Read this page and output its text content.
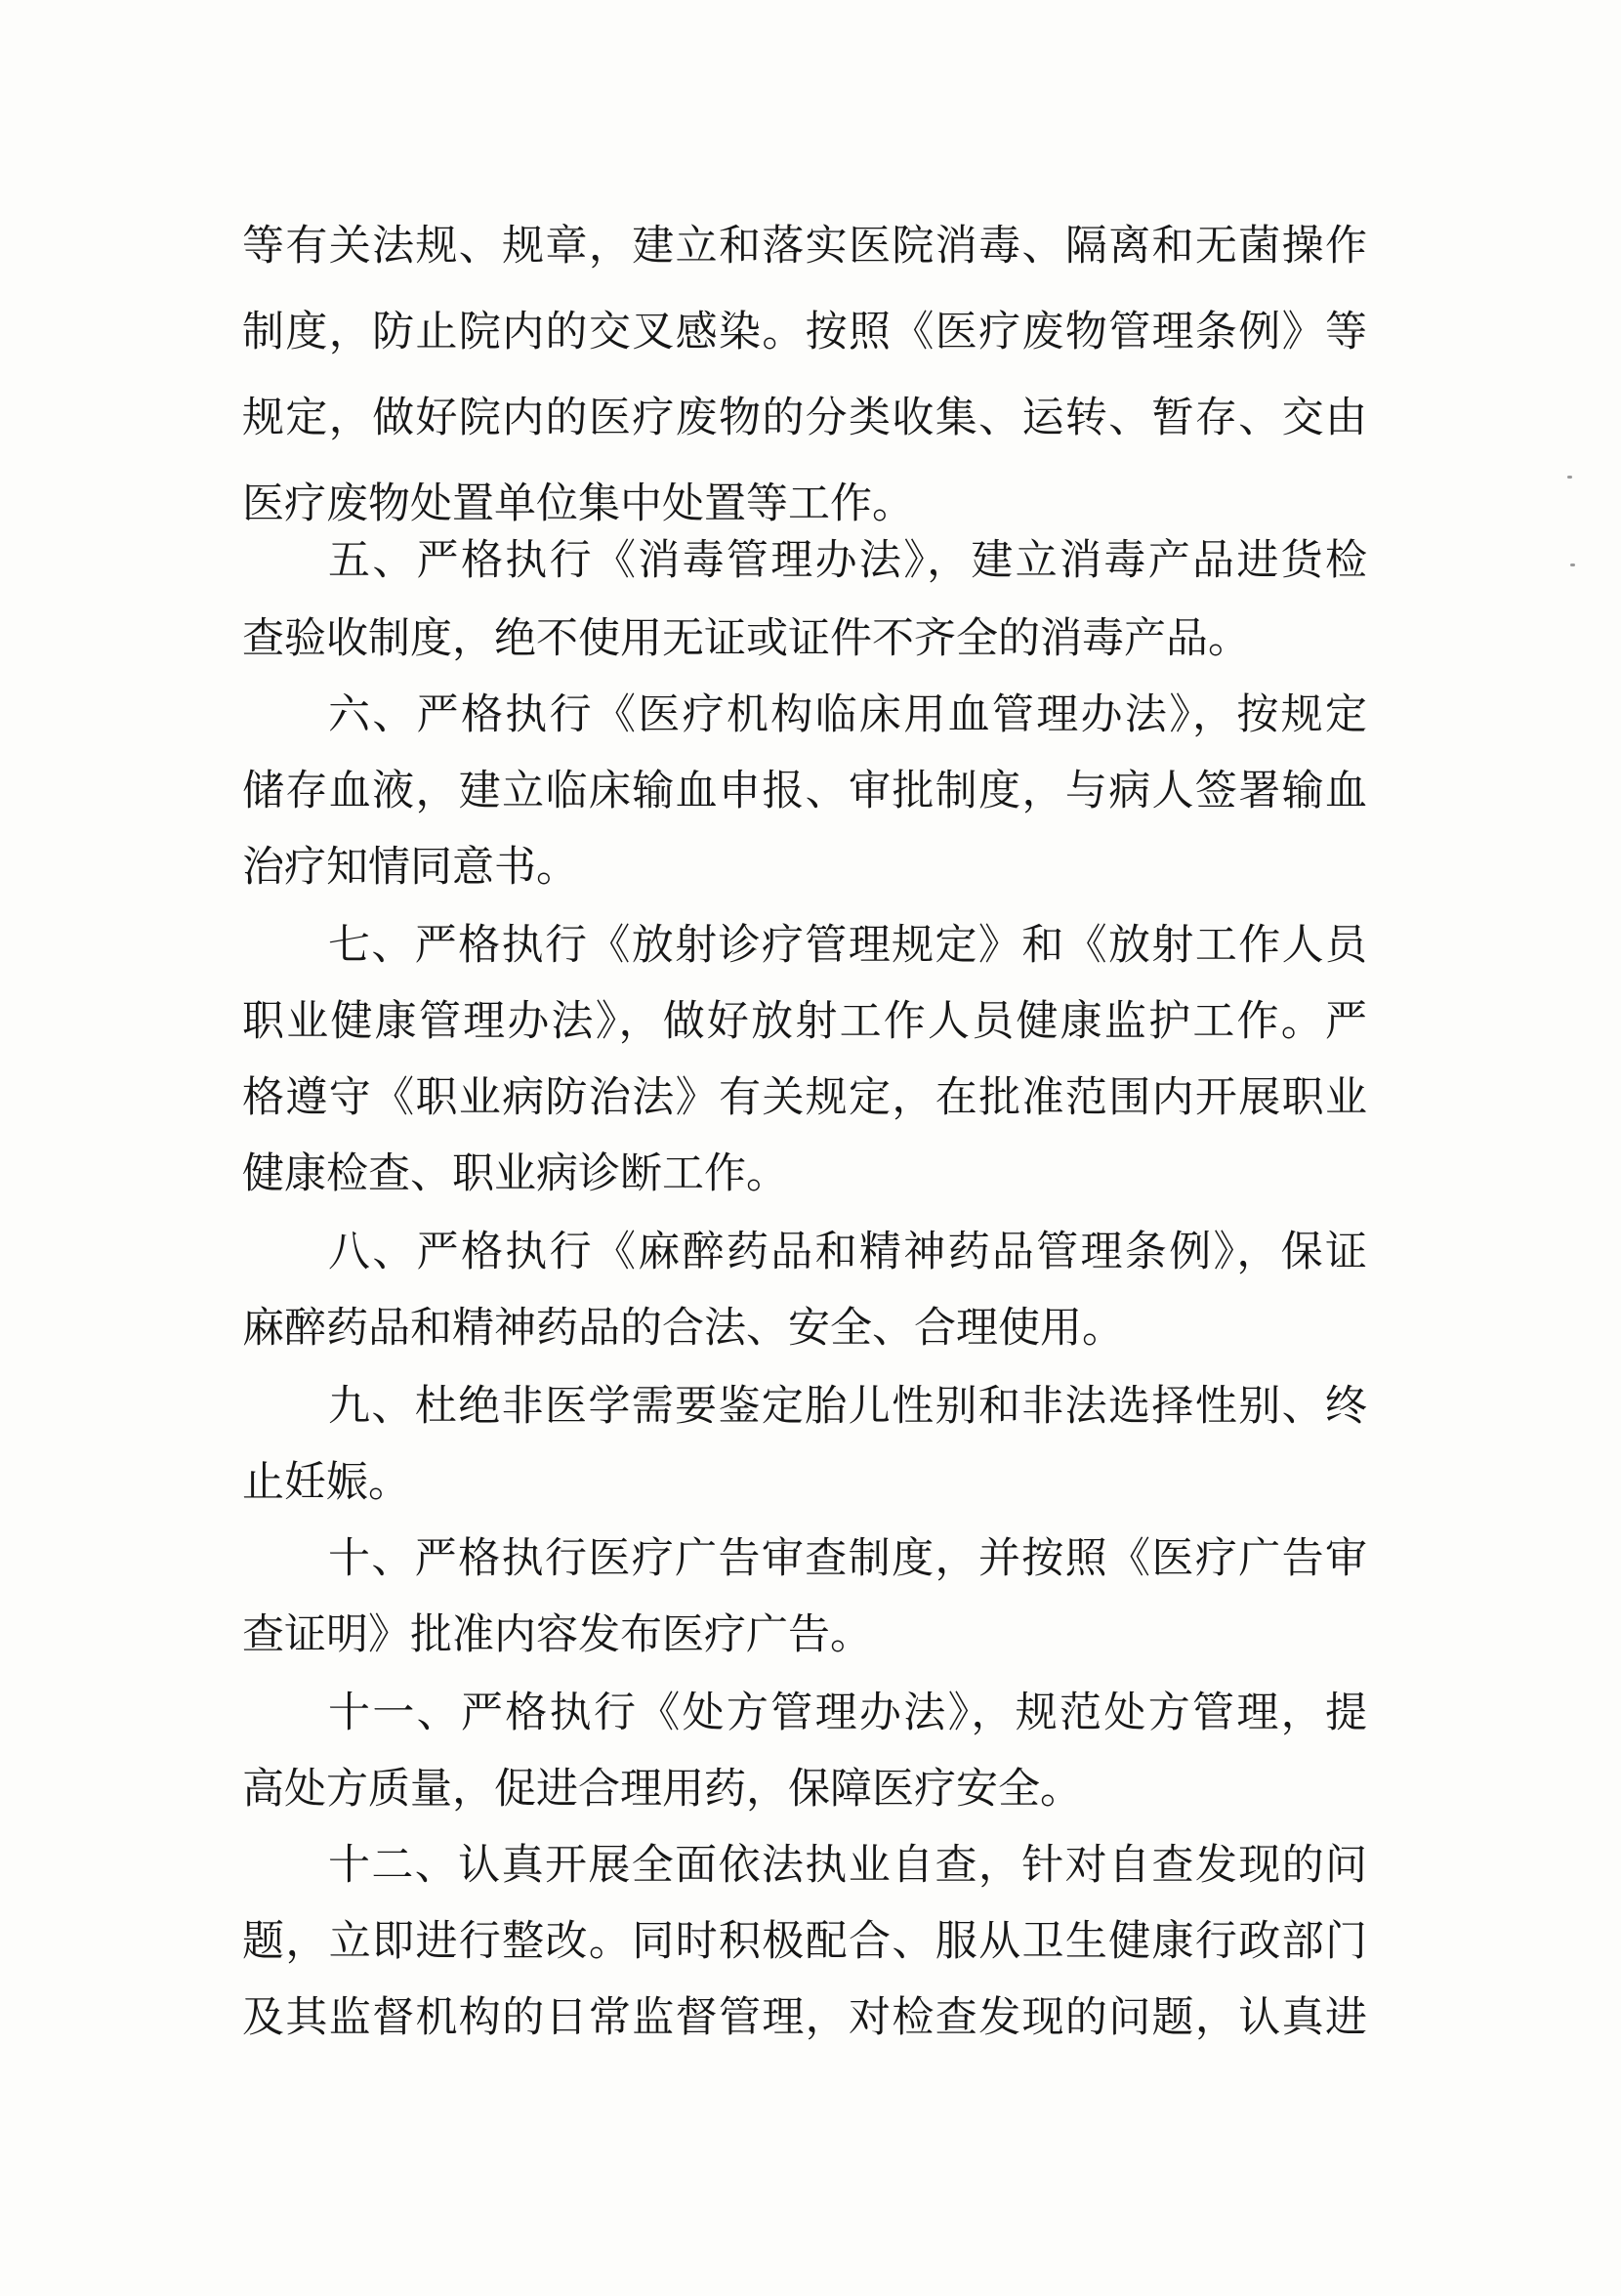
等有关法规、规章，建立和落实医院消毒、隔离和无菌操作
制度，防止院内的交叉感染。按照《医疗废物管理条例》等
规定，做好院内的医疗废物的分类收集、运转、暂存、交由
医疗废物处置单位集中处置等工作。
五、严格执行《消毒管理办法》，建立消毒产品进货检
查验收制度，绝不使用无证或证件不齐全的消毒产品。
六、严格执行《医疗机构临床用血管理办法》，按规定
储存血液，建立临床输血申报、审批制度，与病人签署输血
治疗知情同意书。
七、严格执行《放射诊疗管理规定》和《放射工作人员
职业健康管理办法》，做好放射工作人员健康监护工作。严
格遵守《职业病防治法》有关规定，在批准范围内开展职业
健康检查、职业病诊断工作。
八、严格执行《麻醉药品和精神药品管理条例》，保证
麻醉药品和精神药品的合法、安全、合理使用。
九、杜绝非医学需要鉴定胎儿性别和非法选择性别、终
止妊娠。
十、严格执行医疗广告审查制度，并按照《医疗广告审
查证明》批准内容发布医疗广告。
十一、严格执行《处方管理办法》，规范处方管理，提
高处方质量，促进合理用药，保障医疗安全。
十二、认真开展全面依法执业自查，针对自查发现的问
题，立即进行整改。同时积极配合、服从卫生健康行政部门
及其监督机构的日常监督管理，对检查发现的问题，认真进
